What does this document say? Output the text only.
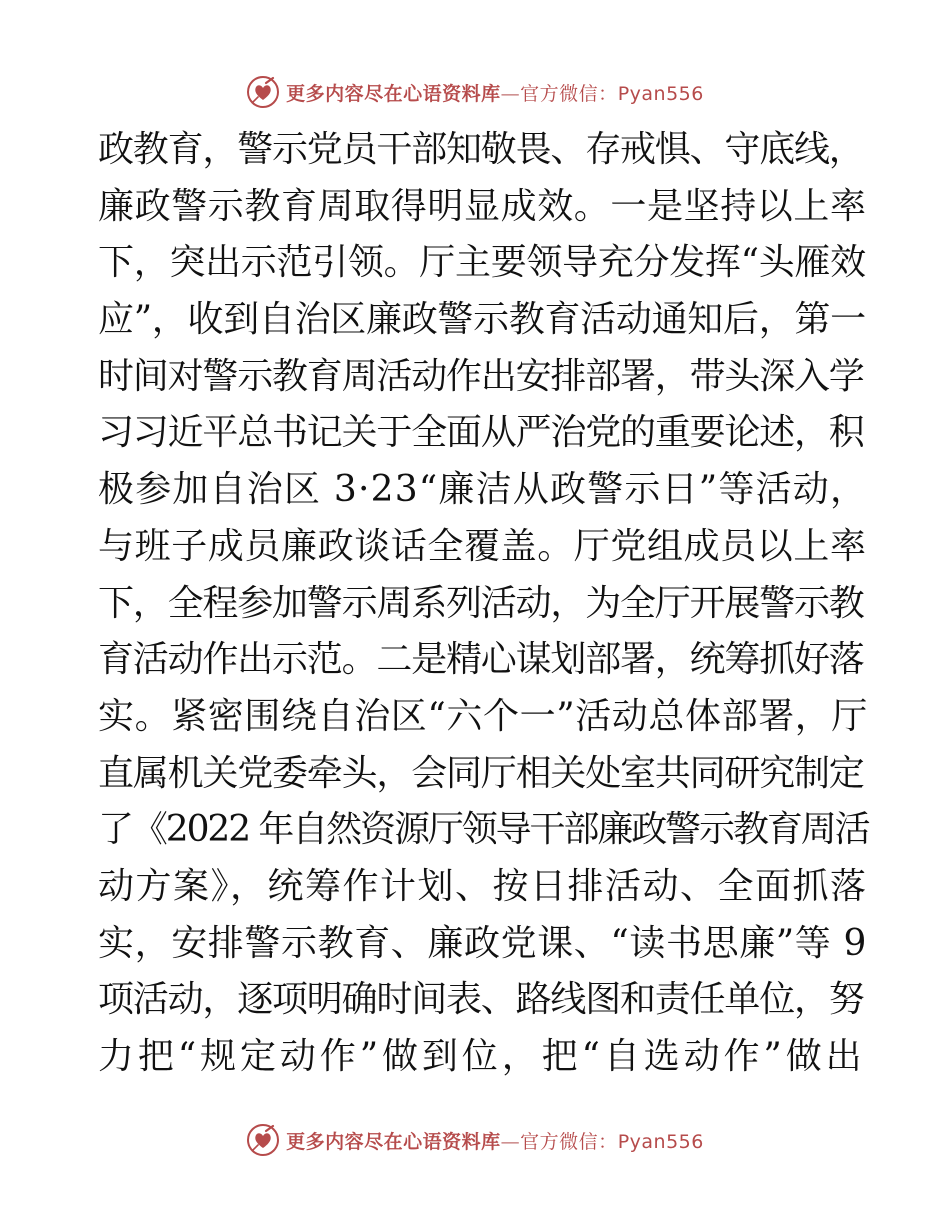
更多内容尽在心语资料库—官方微信：Pyan556
政教育，警示党员干部知敬畏、存戒惧、守底线，
廉政警示教育周取得明显成效。一是坚持以上率
下，突出示范引领。厅主要领导充分发挥“头雁效
应”，收到自治区廉政警示教育活动通知后，第一
时间对警示教育周活动作出安排部署，带头深入学
习习近平总书记关于全面从严治党的重要论述，积
极参加自治区 3·23“廉洁从政警示日”等活动，
与班子成员廉政谈话全覆盖。厅党组成员以上率
下，全程参加警示周系列活动，为全厅开展警示教
育活动作出示范。二是精心谋划部署，统筹抓好落
实。紧密围绕自治区“六个一”活动总体部署，厅
直属机关党委牵头，会同厅相关处室共同研究制定
了《2022 年自然资源厅领导干部廉政警示教育周活
动方案》，统筹作计划、按日排活动、全面抓落
实，安排警示教育、廉政党课、“读书思廉”等 9
项活动，逐项明确时间表、路线图和责任单位，努
力把“规定动作”做到位，把“自选动作”做出
更多内容尽在心语资料库—官方微信：Pyan556
